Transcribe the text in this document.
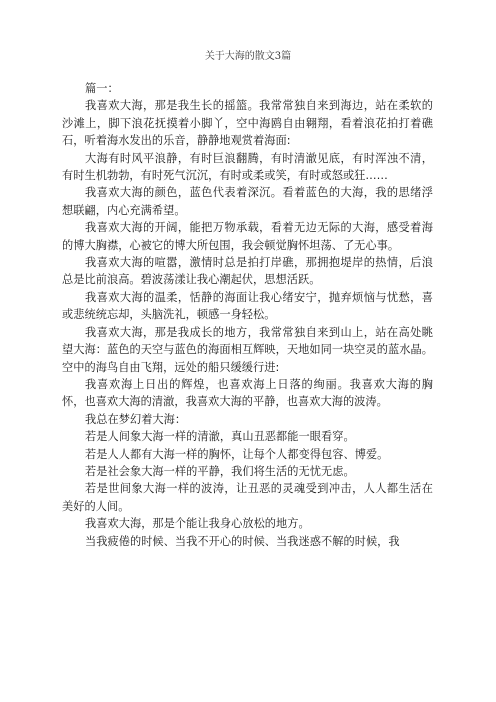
关于大海的散文3篇

篇一：

我喜欢大海，那是我生长的摇篮。我常常独自来到海边，站在柔软的沙滩上，脚下浪花抚摸着小脚丫，空中海鸥自由翱翔，看着浪花拍打着礁石，听着海水发出的乐音，静静地观赏着海面:

大海有时风平浪静，有时巨浪翻腾，有时清澈见底，有时浑浊不清，有时生机勃勃，有时死气沉沉，有时或柔或笑，有时或怒或狂……

我喜欢大海的颜色，蓝色代表着深沉。看着蓝色的大海，我的思绪浮想联翩，内心充满希望。

我喜欢大海的开阔，能把万物承载，看着无边无际的大海，感受着海的博大胸襟，心被它的博大所包围，我会顿觉胸怀坦荡、了无心事。

我喜欢大海的喧嚣，激情时总是拍打岸礁，那拥抱堤岸的热情，后浪总是比前浪高。碧波荡漾让我心潮起伏，思想活跃。

我喜欢大海的温柔，恬静的海面让我心绪安宁，抛弃烦恼与忧愁，喜或悲统统忘却，头脑洗礼，顿感一身轻松。

我喜欢大海，那是我成长的地方，我常常独自来到山上，站在高处眺望大海：蓝色的天空与蓝色的海面相互辉映，天地如同一块空灵的蓝水晶。空中的海鸟自由飞翔，远处的船只缓缓行进:

我喜欢海上日出的辉煌，也喜欢海上日落的绚丽。我喜欢大海的胸怀，也喜欢大海的清澈，我喜欢大海的平静，也喜欢大海的波涛。

我总在梦幻着大海：

若是人间象大海一样的清澈，真山丑恶都能一眼看穿。

若是人人都有大海一样的胸怀，让每个人都变得包容、博爱。

若是社会象大海一样的平静，我们将生活的无忧无虑。

若是世间象大海一样的波涛，让丑恶的灵魂受到冲击，人人都生活在美好的人间。

我喜欢大海，那是个能让我身心放松的地方。

当我疲倦的时候、当我不开心的时候、当我迷惑不解的时候，我
